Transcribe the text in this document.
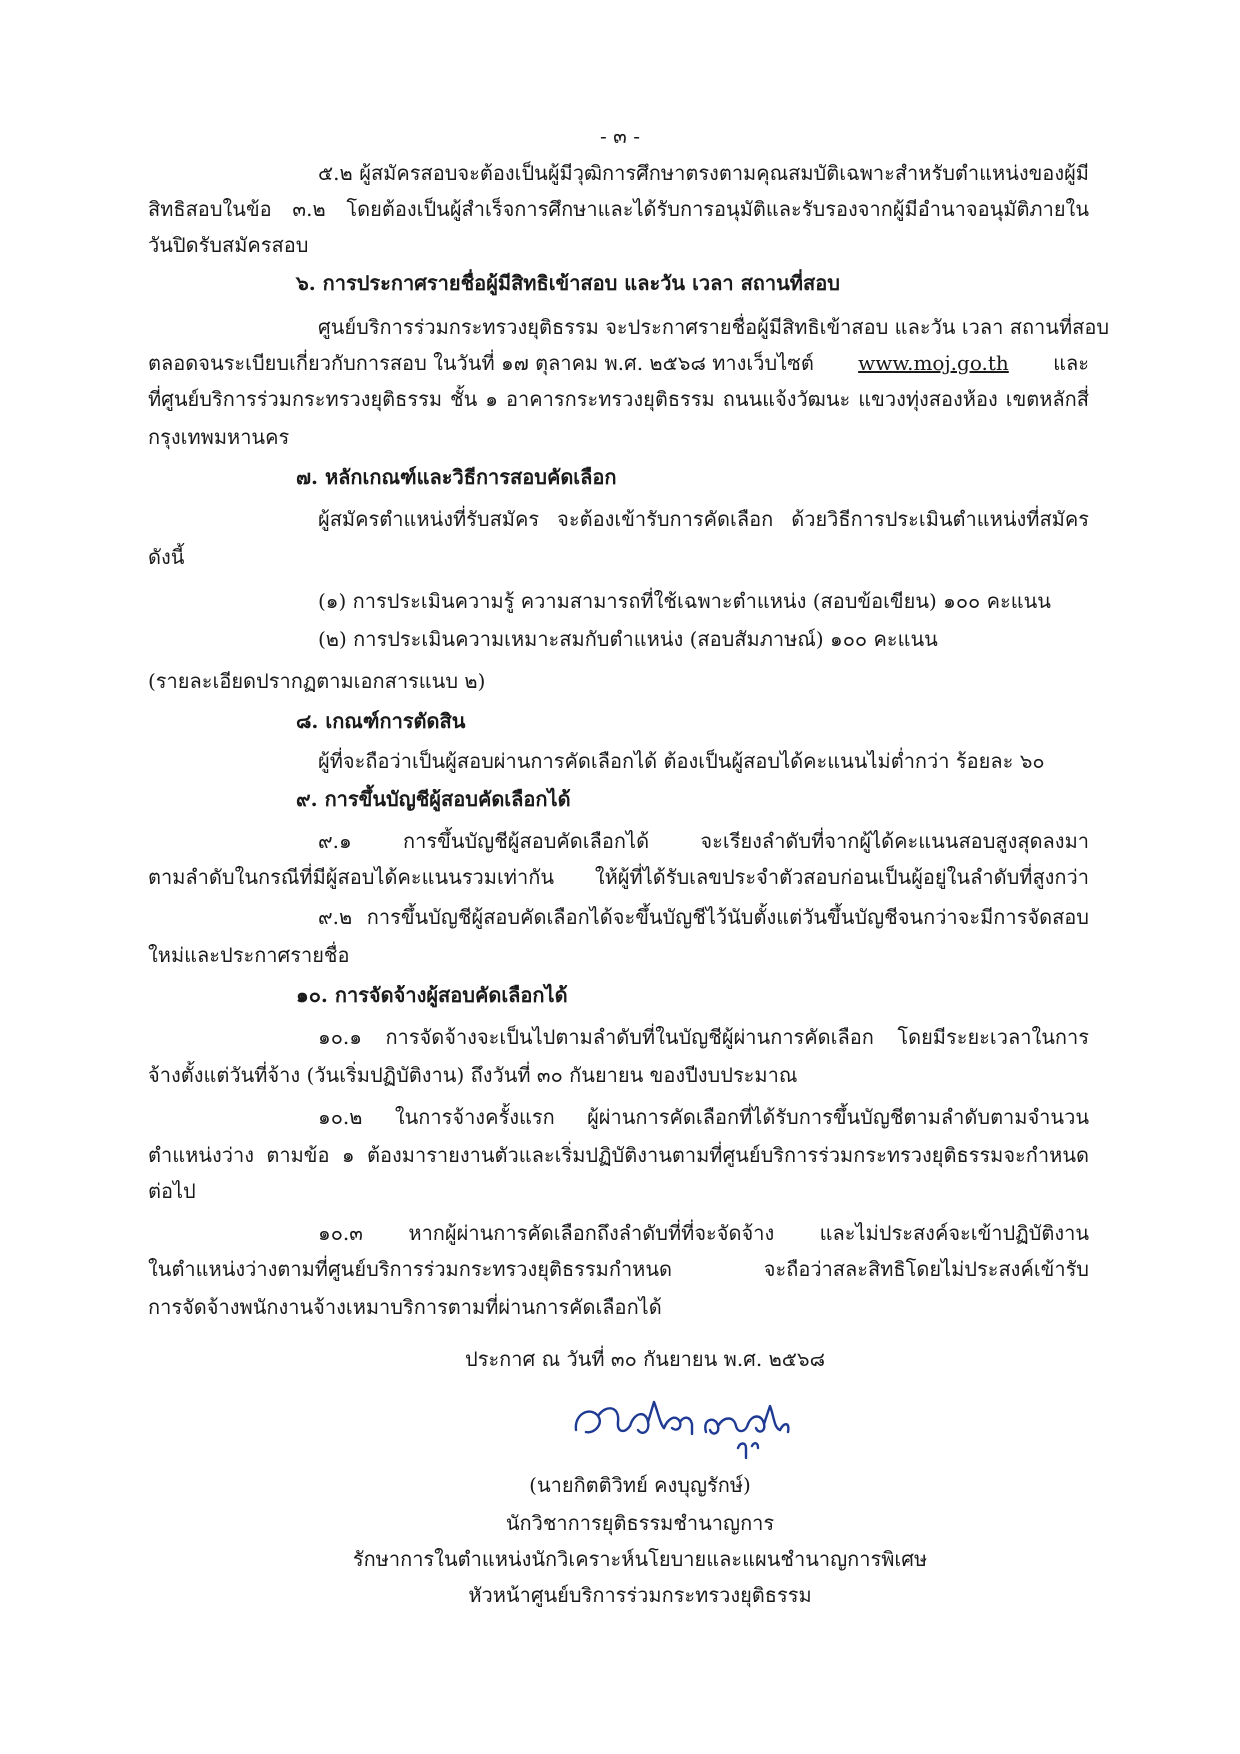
- ๓ -
๕.๒ ผู้สมัครสอบจะต้องเป็นผู้มีวุฒิการศึกษาตรงตามคุณสมบัติเฉพาะสำหรับตำแหน่งของผู้มี
สิทธิสอบในข้อ ๓.๒ โดยต้องเป็นผู้สำเร็จการศึกษาและได้รับการอนุมัติและรับรองจากผู้มีอำนาจอนุมัติภายใน
วันปิดรับสมัครสอบ
๖. การประกาศรายชื่อผู้มีสิทธิเข้าสอบ และวัน เวลา สถานที่สอบ
ศูนย์บริการร่วมกระทรวงยุติธรรม จะประกาศรายชื่อผู้มีสิทธิเข้าสอบ และวัน เวลา สถานที่สอบ
ตลอดจนระเบียบเกี่ยวกับการสอบ ในวันที่ ๑๗ ตุลาคม พ.ศ. ๒๕๖๘ ทางเว็บไซต์ www.moj.go.th และ
ที่ศูนย์บริการร่วมกระทรวงยุติธรรม ชั้น ๑ อาคารกระทรวงยุติธรรม ถนนแจ้งวัฒนะ แขวงทุ่งสองห้อง เขตหลักสี่
กรุงเทพมหานคร
๗. หลักเกณฑ์และวิธีการสอบคัดเลือก
ผู้สมัครตำแหน่งที่รับสมัคร จะต้องเข้ารับการคัดเลือก ด้วยวิธีการประเมินตำแหน่งที่สมัคร
ดังนี้
(๑) การประเมินความรู้ ความสามารถที่ใช้เฉพาะตำแหน่ง (สอบข้อเขียน) ๑๐๐ คะแนน
(๒) การประเมินความเหมาะสมกับตำแหน่ง (สอบสัมภาษณ์) ๑๐๐ คะแนน
(รายละเอียดปรากฏตามเอกสารแนบ ๒)
๘. เกณฑ์การตัดสิน
ผู้ที่จะถือว่าเป็นผู้สอบผ่านการคัดเลือกได้ ต้องเป็นผู้สอบได้คะแนนไม่ต่ำกว่า ร้อยละ ๖๐
๙. การขึ้นบัญชีผู้สอบคัดเลือกได้
๙.๑ การขึ้นบัญชีผู้สอบคัดเลือกได้ จะเรียงลำดับที่จากผู้ได้คะแนนสอบสูงสุดลงมา
ตามลำดับในกรณีที่มีผู้สอบได้คะแนนรวมเท่ากัน ให้ผู้ที่ได้รับเลขประจำตัวสอบก่อนเป็นผู้อยู่ในลำดับที่สูงกว่า
๙.๒ การขึ้นบัญชีผู้สอบคัดเลือกได้จะขึ้นบัญชีไว้นับตั้งแต่วันขึ้นบัญชีจนกว่าจะมีการจัดสอบ
ใหม่และประกาศรายชื่อ
๑๐. การจัดจ้างผู้สอบคัดเลือกได้
๑๐.๑ การจัดจ้างจะเป็นไปตามลำดับที่ในบัญชีผู้ผ่านการคัดเลือก โดยมีระยะเวลาในการ
จ้างตั้งแต่วันที่จ้าง (วันเริ่มปฏิบัติงาน) ถึงวันที่ ๓๐ กันยายน ของปีงบประมาณ
๑๐.๒ ในการจ้างครั้งแรก ผู้ผ่านการคัดเลือกที่ได้รับการขึ้นบัญชีตามลำดับตามจำนวน
ตำแหน่งว่าง ตามข้อ ๑ ต้องมารายงานตัวและเริ่มปฏิบัติงานตามที่ศูนย์บริการร่วมกระทรวงยุติธรรมจะกำหนด
ต่อไป
๑๐.๓ หากผู้ผ่านการคัดเลือกถึงลำดับที่ที่จะจัดจ้าง และไม่ประสงค์จะเข้าปฏิบัติงาน
ในตำแหน่งว่างตามที่ศูนย์บริการร่วมกระทรวงยุติธรรมกำหนด จะถือว่าสละสิทธิโดยไม่ประสงค์เข้ารับ
การจัดจ้างพนักงานจ้างเหมาบริการตามที่ผ่านการคัดเลือกได้
ประกาศ ณ วันที่ ๓๐ กันยายน พ.ศ. ๒๕๖๘
(นายกิตติวิทย์ คงบุญรักษ์)
นักวิชาการยุติธรรมชำนาญการ
รักษาการในตำแหน่งนักวิเคราะห์นโยบายและแผนชำนาญการพิเศษ
หัวหน้าศูนย์บริการร่วมกระทรวงยุติธรรม
